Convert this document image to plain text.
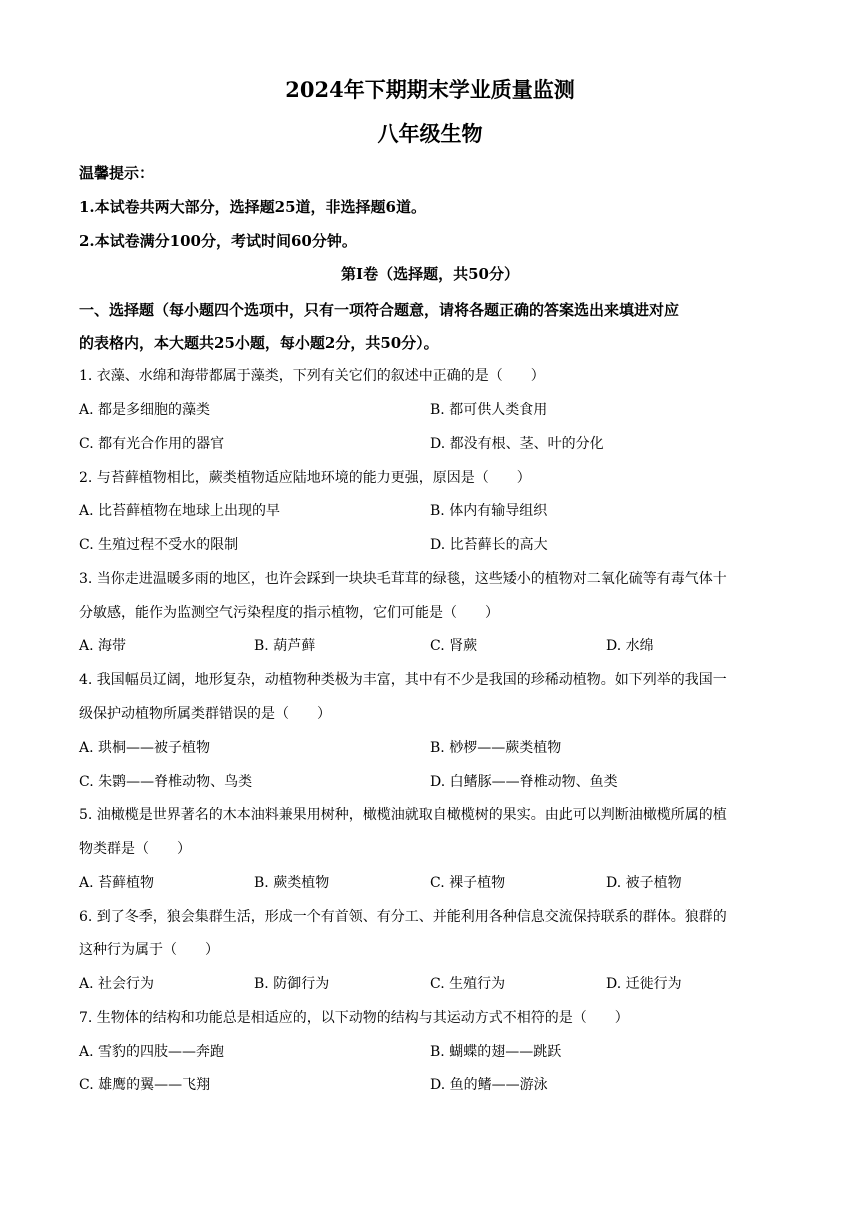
2024年下期期末学业质量监测
八年级生物
温馨提示：
1.本试卷共两大部分，选择题25道，非选择题6道。
2.本试卷满分100分，考试时间60分钟。
第Ⅰ卷（选择题，共50分）
一、选择题（每小题四个选项中，只有一项符合题意，请将各题正确的答案选出来填进对应
的表格内，本大题共25小题，每小题2分，共50分）。
1. 衣藻、水绵和海带都属于藻类，下列有关它们的叙述中正确的是（　　）
A. 都是多细胞的藻类	B. 都可供人类食用
C. 都有光合作用的器官	D. 都没有根、茎、叶的分化
2. 与苔藓植物相比，蕨类植物适应陆地环境的能力更强，原因是（　　）
A. 比苔藓植物在地球上出现的早	B. 体内有输导组织
C. 生殖过程不受水的限制	D. 比苔藓长的高大
3. 当你走进温暖多雨的地区，也许会踩到一块块毛茸茸的绿毯，这些矮小的植物对二氧化硫等有毒气体十
分敏感，能作为监测空气污染程度的指示植物，它们可能是（　　）
A. 海带	B. 葫芦藓	C. 肾蕨	D. 水绵
4. 我国幅员辽阔，地形复杂，动植物种类极为丰富，其中有不少是我国的珍稀动植物。如下列举的我国一
级保护动植物所属类群错误的是（　　）
A. 珙桐——被子植物	B. 桫椤——蕨类植物
C. 朱鹮——脊椎动物、鸟类	D. 白鳍豚——脊椎动物、鱼类
5. 油橄榄是世界著名的木本油料兼果用树种，橄榄油就取自橄榄树的果实。由此可以判断油橄榄所属的植
物类群是（　　）
A. 苔藓植物	B. 蕨类植物	C. 裸子植物	D. 被子植物
6. 到了冬季，狼会集群生活，形成一个有首领、有分工、并能利用各种信息交流保持联系的群体。狼群的
这种行为属于（　　）
A. 社会行为	B. 防御行为	C. 生殖行为	D. 迁徙行为
7. 生物体的结构和功能总是相适应的，以下动物的结构与其运动方式不相符的是（　　）
A. 雪豹的四肢——奔跑	B. 蝴蝶的翅——跳跃
C. 雄鹰的翼——飞翔	D. 鱼的鳍——游泳
